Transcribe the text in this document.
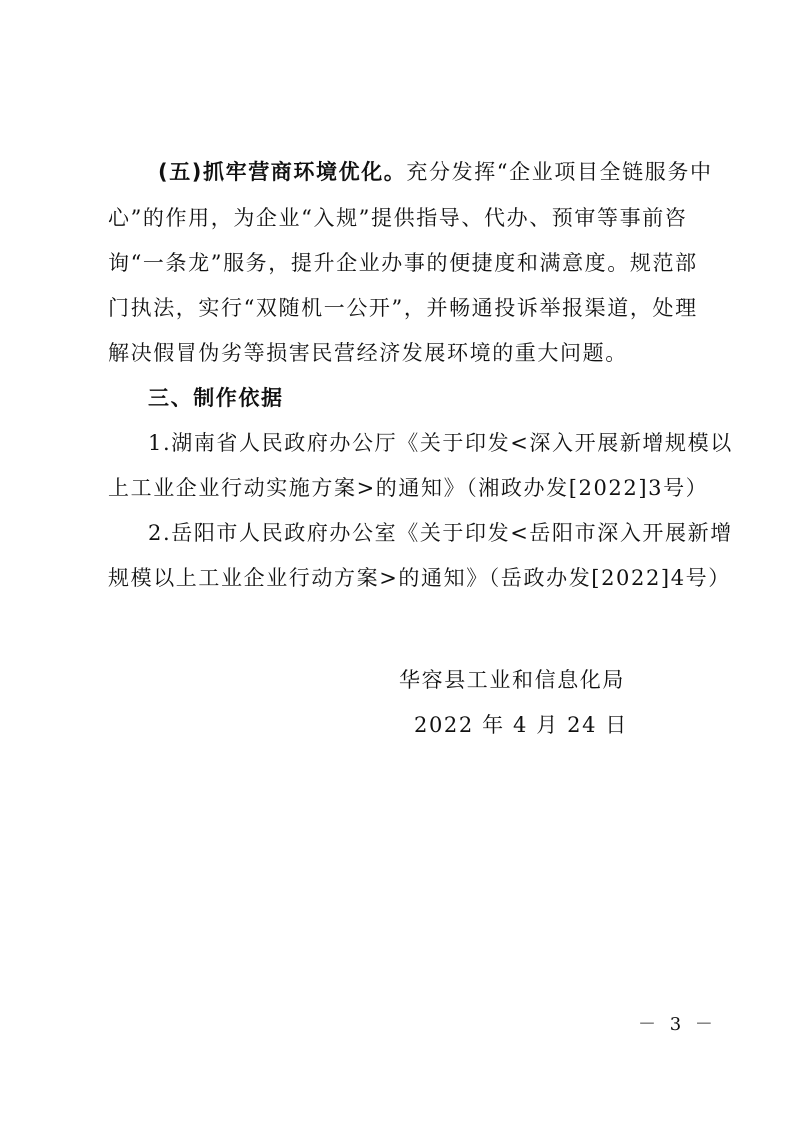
(五)抓牢营商环境优化。充分发挥“企业项目全链服务中
心”的作用，为企业“入规”提供指导、代办、预审等事前咨
询“一条龙”服务，提升企业办事的便捷度和满意度。规范部
门执法，实行“双随机一公开”，并畅通投诉举报渠道，处理
解决假冒伪劣等损害民营经济发展环境的重大问题。
三、制作依据
1.湖南省人民政府办公厅《关于印发<深入开展新增规模以
上工业企业行动实施方案>的通知》（湘政办发[2022]3号）
2.岳阳市人民政府办公室《关于印发<岳阳市深入开展新增
规模以上工业企业行动方案>的通知》（岳政办发[2022]4号）
华容县工业和信息化局
2022 年 4 月 24 日
－ 3 －
